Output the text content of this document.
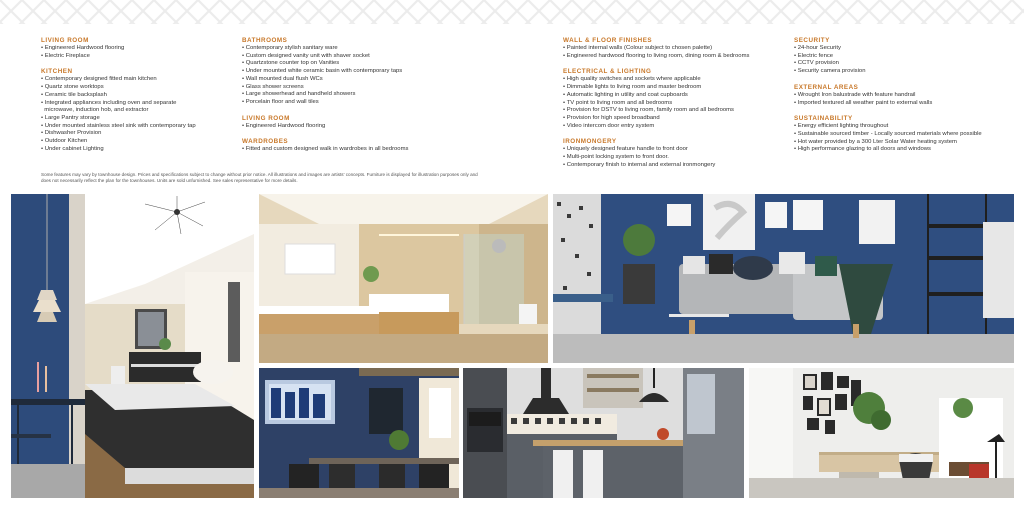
LIVING ROOM
• Engineered Hardwood flooring
• Electric Fireplace
KITCHEN
• Contemporary designed fitted main kitchen
• Quartz stone worktops
• Ceramic tile backsplash
• Integrated appliances including oven and separate
microwave, induction hob, and extractor
• Large Pantry storage
• Under mounted stainless steel sink with contemporary tap
• Dishwasher Provision
• Outdoor Kitchen
• Under cabinet Lighting
BATHROOMS
• Contemporary stylish sanitary ware
• Custom designed vanity unit with shaver socket
• Quartzstone counter top on Vanities
• Under mounted white ceramic basin with contemporary taps
• Wall mounted dual flush WCs
• Glass shower screens
• Large showerhead and handheld showers
• Porcelain floor and wall tiles
LIVING ROOM
• Engineered Hardwood flooring
WARDROBES
• Fitted and custom designed walk in wardrobes in all bedrooms
WALL & FLOOR FINISHES
• Painted internal walls (Colour subject to chosen palette)
• Engineered hardwood flooring to living room, dining room & bedrooms
ELECTRICAL & LIGHTING
• High quality switches and sockets where applicable
• Dimmable lights to living room and master bedroom
• Automatic lighting in utility and coat cupboards
• TV point to living room and all bedrooms
• Provision for DSTV to living room, family room and all bedrooms
• Provision for high speed broadband
• Video intercom door entry system
IRONMONGERY
• Uniquely designed feature handle to front door
• Multi-point locking system to front door.
• Contemporary finish to internal and external ironmongery
SECURITY
• 24-hour Security
• Electric fence
• CCTV provision
• Security camera provision
EXTERNAL AREAS
• Wrought Iron balustrade with feature handrail
• Imported textured all weather paint to external walls
SUSTAINABILITY
• Energy efficient lighting throughout
• Sustainable sourced timber - Locally sourced materials where possible
• Hot water provided by a 300 Lter Solar Water heating system
• High performance glazing to all doors and windows

Some features may vary by townhouse design. Prices and specifications subject to change without prior notice. All illustrations and images are artists' concepts. Furniture is displayed for illustration purposes only and does not necessarily reflect the plan for the townhouses. Units are sold unfurnished. See sales representative for more details.
